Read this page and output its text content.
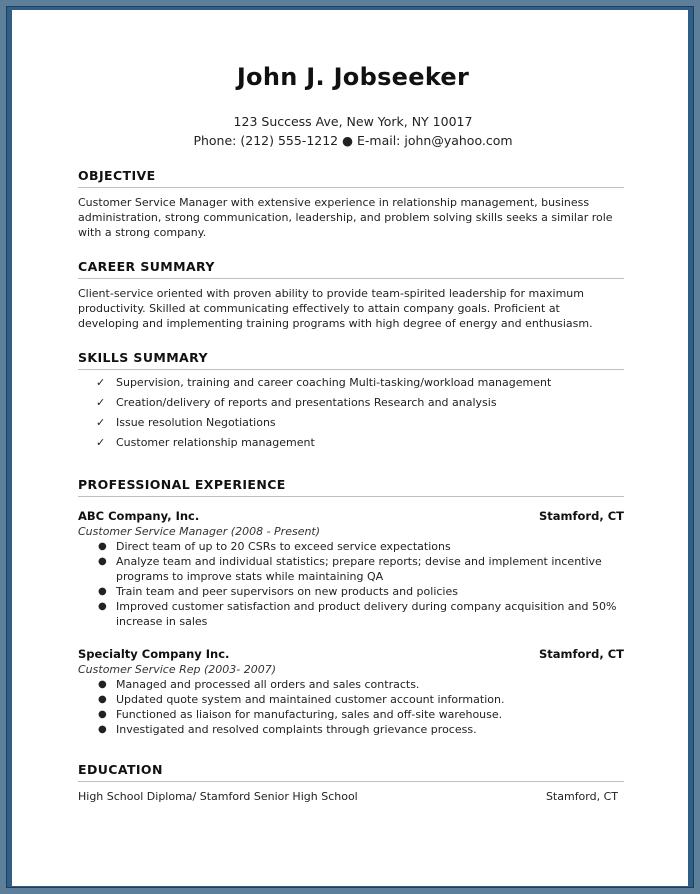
John J. Jobseeker
123 Success Ave, New York, NY 10017
Phone: (212) 555-1212 ● E-mail: john@yahoo.com
OBJECTIVE
Customer Service Manager with extensive experience in relationship management, business administration, strong communication, leadership, and problem solving skills seeks a similar role with a strong company.
CAREER SUMMARY
Client-service oriented with proven ability to provide team-spirited leadership for maximum productivity. Skilled at communicating effectively to attain company goals. Proficient at developing and implementing training programs with high degree of energy and enthusiasm.
SKILLS SUMMARY
✓ Supervision, training and career coaching Multi-tasking/workload management
✓ Creation/delivery of reports and presentations Research and analysis
✓ Issue resolution Negotiations
✓ Customer relationship management
PROFESSIONAL EXPERIENCE
ABC Company, Inc.	Stamford, CT
Customer Service Manager (2008 - Present)
● Direct team of up to 20 CSRs to exceed service expectations
● Analyze team and individual statistics; prepare reports; devise and implement incentive programs to improve stats while maintaining QA
● Train team and peer supervisors on new products and policies
● Improved customer satisfaction and product delivery during company acquisition and 50% increase in sales
Specialty Company Inc.	Stamford, CT
Customer Service Rep (2003- 2007)
● Managed and processed all orders and sales contracts.
● Updated quote system and maintained customer account information.
● Functioned as liaison for manufacturing, sales and off-site warehouse.
● Investigated and resolved complaints through grievance process.
EDUCATION
High School Diploma/ Stamford Senior High School	Stamford, CT
